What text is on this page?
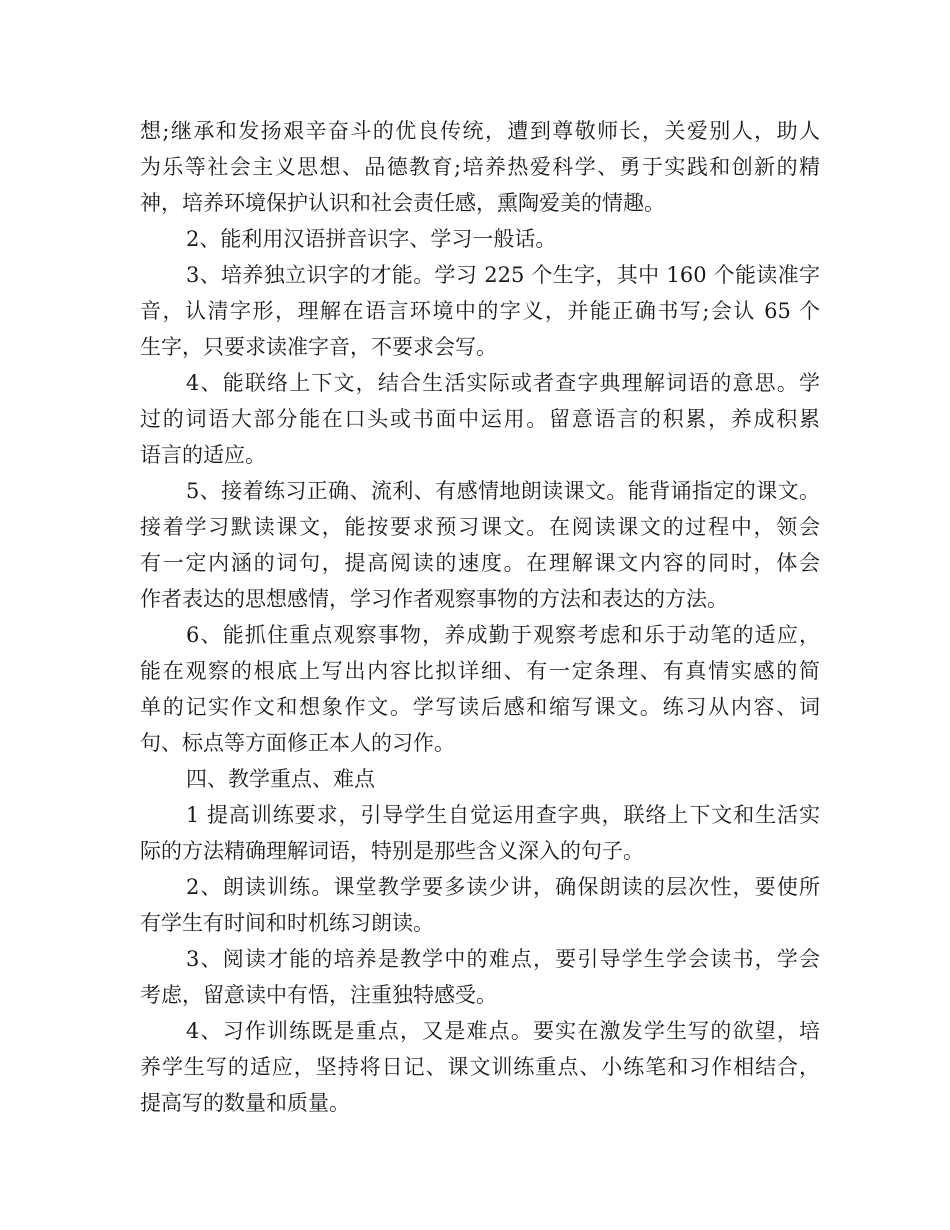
想;继承和发扬艰辛奋斗的优良传统，遭到尊敬师长，关爱别人，助人
为乐等社会主义思想、品德教育;培养热爱科学、勇于实践和创新的精
神，培养环境保护认识和社会责任感，熏陶爱美的情趣。
2、能利用汉语拼音识字、学习一般话。
3、培养独立识字的才能。学习 225 个生字，其中 160 个能读准字
音，认清字形，理解在语言环境中的字义，并能正确书写;会认 65 个
生字，只要求读准字音，不要求会写。
4、能联络上下文，结合生活实际或者查字典理解词语的意思。学
过的词语大部分能在口头或书面中运用。留意语言的积累，养成积累
语言的适应。
5、接着练习正确、流利、有感情地朗读课文。能背诵指定的课文。
接着学习默读课文，能按要求预习课文。在阅读课文的过程中，领会
有一定内涵的词句，提高阅读的速度。在理解课文内容的同时，体会
作者表达的思想感情，学习作者观察事物的方法和表达的方法。
6、能抓住重点观察事物，养成勤于观察考虑和乐于动笔的适应，
能在观察的根底上写出内容比拟详细、有一定条理、有真情实感的简
单的记实作文和想象作文。学写读后感和缩写课文。练习从内容、词
句、标点等方面修正本人的习作。
四、教学重点、难点
1 提高训练要求，引导学生自觉运用查字典，联络上下文和生活实
际的方法精确理解词语，特别是那些含义深入的句子。
2、朗读训练。课堂教学要多读少讲，确保朗读的层次性，要使所
有学生有时间和时机练习朗读。
3、阅读才能的培养是教学中的难点，要引导学生学会读书，学会
考虑，留意读中有悟，注重独特感受。
4、习作训练既是重点，又是难点。要实在激发学生写的欲望，培
养学生写的适应，坚持将日记、课文训练重点、小练笔和习作相结合，
提高写的数量和质量。
